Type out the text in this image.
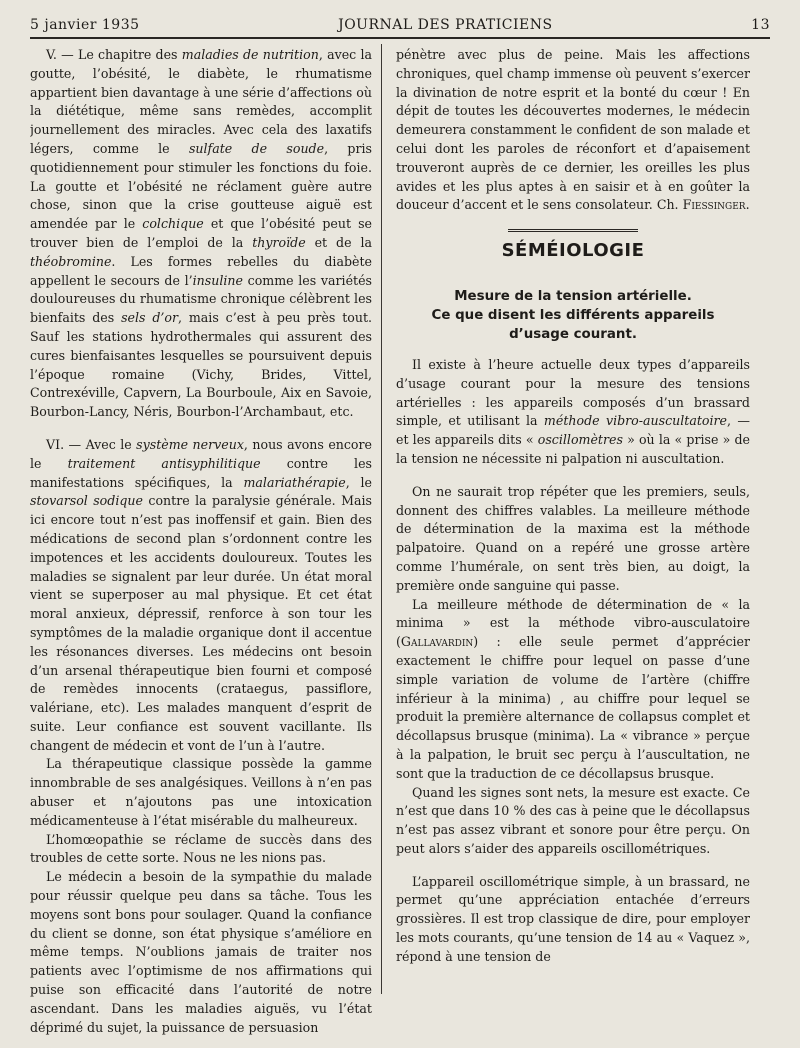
5 janvier 1935	JOURNAL DES PRATICIENS	13

V. — Le chapitre des maladies de nutrition, avec la goutte, l’obésité, le diabète, le rhumatisme appartient bien davantage à une série d’affections où la diététique, même sans remèdes, accomplit journellement des miracles. Avec cela des laxatifs légers, comme le sulfate de soude, pris quotidiennement pour stimuler les fonctions du foie. La goutte et l’obésité ne réclament guère autre chose, sinon que la crise goutteuse aiguë est amendée par le colchique et que l’obésité peut se trouver bien de l’emploi de la thyroïde et de la théobromine. Les formes rebelles du diabète appellent le secours de l’insuline comme les variétés douloureuses du rhumatisme chronique célèbrent les bienfaits des sels d’or, mais c’est à peu près tout. Sauf les stations hydrothermales qui assurent des cures bienfaisantes lesquelles se poursuivent depuis l’époque romaine (Vichy, Brides, Vittel, Contrexéville, Capvern, La Bourboule, Aix en Savoie, Bourbon-Lancy, Néris, Bourbon-l’Archambaut, etc.

VI. — Avec le système nerveux, nous avons encore le traitement antisyphilitique contre les manifestations spécifiques, la malariathérapie, le stovarsol sodique contre la paralysie générale. Mais ici encore tout n’est pas inoffensif et gain. Bien des médications de second plan s’ordonnent contre les impotences et les accidents douloureux. Toutes les maladies se signalent par leur durée. Un état moral vient se superposer au mal physique. Et cet état moral anxieux, dépressif, renforce à son tour les symptômes de la maladie organique dont il accentue les résonances diverses. Les médecins ont besoin d’un arsenal thérapeutique bien fourni et composé de remèdes innocents (crataegus, passiflore, valériane, etc). Les malades manquent d’esprit de suite. Leur confiance est souvent vacillante. Ils changent de médecin et vont de l’un à l’autre.

La thérapeutique classique possède la gamme innombrable de ses analgésiques. Veillons à n’en pas abuser et n’ajoutons pas une intoxication médicamenteuse à l’état misérable du malheureux.

L’homœopathie se réclame de succès dans des troubles de cette sorte. Nous ne les nions pas.

Le médecin a besoin de la sympathie du malade pour réussir quelque peu dans sa tâche. Tous les moyens sont bons pour soulager. Quand la confiance du client se donne, son état physique s’améliore en même temps. N’oublions jamais de traiter nos patients avec l’optimisme de nos affirmations qui puise son efficacité dans l’autorité de notre ascendant. Dans les maladies aiguës, vu l’état déprimé du sujet, la puissance de persuasion

pénètre avec plus de peine. Mais les affections chroniques, quel champ immense où peuvent s’exercer la divination de notre esprit et la bonté du cœur ! En dépit de toutes les découvertes modernes, le médecin demeurera constamment le confident de son malade et celui dont les paroles de réconfort et d’apaisement trouveront auprès de ce dernier, les oreilles les plus avides et les plus aptes à en saisir et à en goûter la douceur d’accent et le sens consolateur. Ch. Fiessinger.

SÉMÉIOLOGIE
Mesure de la tension artérielle.
Ce que disent les différents appareils
d’usage courant.

Il existe à l’heure actuelle deux types d’appareils d’usage courant pour la mesure des tensions artérielles : les appareils composés d’un brassard simple, et utilisant la méthode vibro-auscultatoire, — et les appareils dits « oscillomètres » où la « prise » de la tension ne nécessite ni palpation ni auscultation.

On ne saurait trop répéter que les premiers, seuls, donnent des chiffres valables. La meilleure méthode de détermination de la maxima est la méthode palpatoire. Quand on a repéré une grosse artère comme l’humérale, on sent très bien, au doigt, la première onde sanguine qui passe.

La meilleure méthode de détermination de « la minima » est la méthode vibro-ausculatoire (Gallavardin) : elle seule permet d’apprécier exactement le chiffre pour lequel on passe d’une simple variation de volume de l’artère (chiffre inférieur à la minima) , au chiffre pour lequel se produit la première alternance de collapsus complet et décollapsus brusque (minima). La « vibrance » perçue à la palpation, le bruit sec perçu à l’auscultation, ne sont que la traduction de ce décollapsus brusque.

Quand les signes sont nets, la mesure est exacte. Ce n’est que dans 10 % des cas à peine que le décollapsus n’est pas assez vibrant et sonore pour être perçu. On peut alors s’aider des appareils oscillométriques.

L’appareil oscillométrique simple, à un brassard, ne permet qu’une appréciation entachée d’erreurs grossières. Il est trop classique de dire, pour employer les mots courants, qu’une tension de 14 au « Vaquez », répond à une tension de
